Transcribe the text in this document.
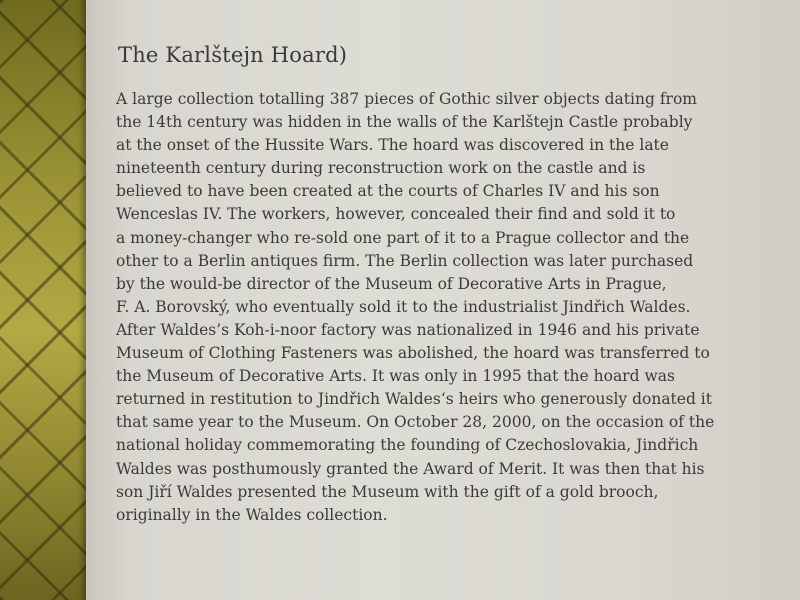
The Karlštejn Hoard)
A large collection totalling 387 pieces of Gothic silver objects dating from
the 14th century was hidden in the walls of the Karlštejn Castle probably
at the onset of the Hussite Wars. The hoard was discovered in the late
nineteenth century during reconstruction work on the castle and is
believed to have been created at the courts of Charles IV and his son
Wenceslas IV. The workers, however, concealed their find and sold it to
a money-changer who re-sold one part of it to a Prague collector and the
other to a Berlin antiques firm. The Berlin collection was later purchased
by the would-be director of the Museum of Decorative Arts in Prague,
F. A. Borovský, who eventually sold it to the industrialist Jindřich Waldes.
After Waldes’s Koh-i-noor factory was nationalized in 1946 and his private
Museum of Clothing Fasteners was abolished, the hoard was transferred to
the Museum of Decorative Arts. It was only in 1995 that the hoard was
returned in restitution to Jindřich Waldes‘s heirs who generously donated it
that same year to the Museum. On October 28, 2000, on the occasion of the
national holiday commemorating the founding of Czechoslovakia, Jindřich
Waldes was posthumously granted the Award of Merit. It was then that his
son Jiří Waldes presented the Museum with the gift of a gold brooch,
originally in the Waldes collection.
